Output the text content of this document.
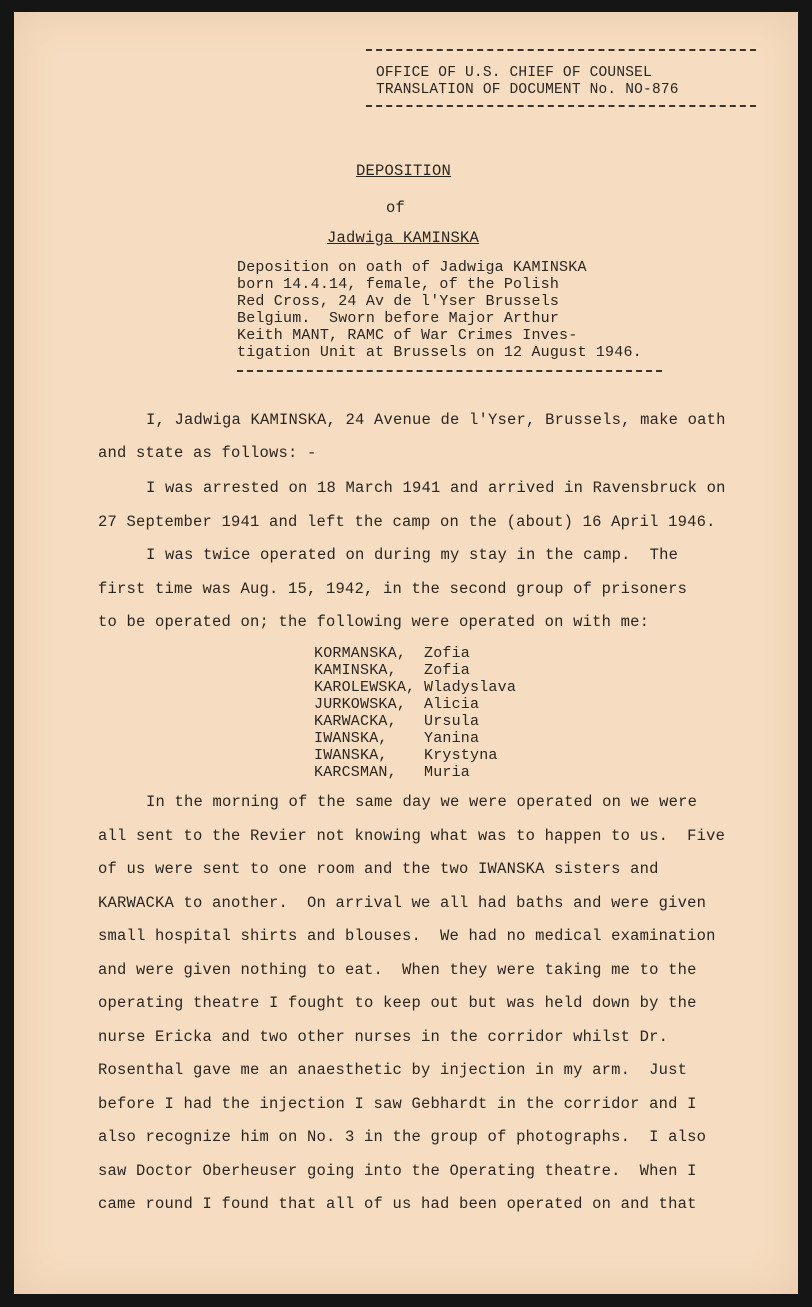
OFFICE OF U.S. CHIEF OF COUNSEL
TRANSLATION OF DOCUMENT No. NO-876
DEPOSITION
of
Jadwiga KAMINSKA
Deposition on oath of Jadwiga KAMINSKA
born 14.4.14, female, of the Polish
Red Cross, 24 Av de l'Yser Brussels
Belgium.  Sworn before Major Arthur
Keith MANT, RAMC of War Crimes Inves-
tigation Unit at Brussels on 12 August 1946.
I, Jadwiga KAMINSKA, 24 Avenue de l'Yser, Brussels, make oath
and state as follows: -
I was arrested on 18 March 1941 and arrived in Ravensbruck on
27 September 1941 and left the camp on the (about) 16 April 1946.
I was twice operated on during my stay in the camp.  The
first time was Aug. 15, 1942, in the second group of prisoners
to be operated on; the following were operated on with me:
KORMANSKA, Zofia
KAMINSKA, Zofia
KAROLEWSKA, Wladyslava
JURKOWSKA, Alicia
KARWACKA, Ursula
IWANSKA, Yanina
IWANSKA, Krystyna
KARCSMAN, Muria
In the morning of the same day we were operated on we were
all sent to the Revier not knowing what was to happen to us.  Five
of us were sent to one room and the two IWANSKA sisters and
KARWACKA to another.  On arrival we all had baths and were given
small hospital shirts and blouses.  We had no medical examination
and were given nothing to eat.  When they were taking me to the
operating theatre I fought to keep out but was held down by the
nurse Ericka and two other nurses in the corridor whilst Dr.
Rosenthal gave me an anaesthetic by injection in my arm.  Just
before I had the injection I saw Gebhardt in the corridor and I
also recognize him on No. 3 in the group of photographs.  I also
saw Doctor Oberheuser going into the Operating theatre.  When I
came round I found that all of us had been operated on and that
